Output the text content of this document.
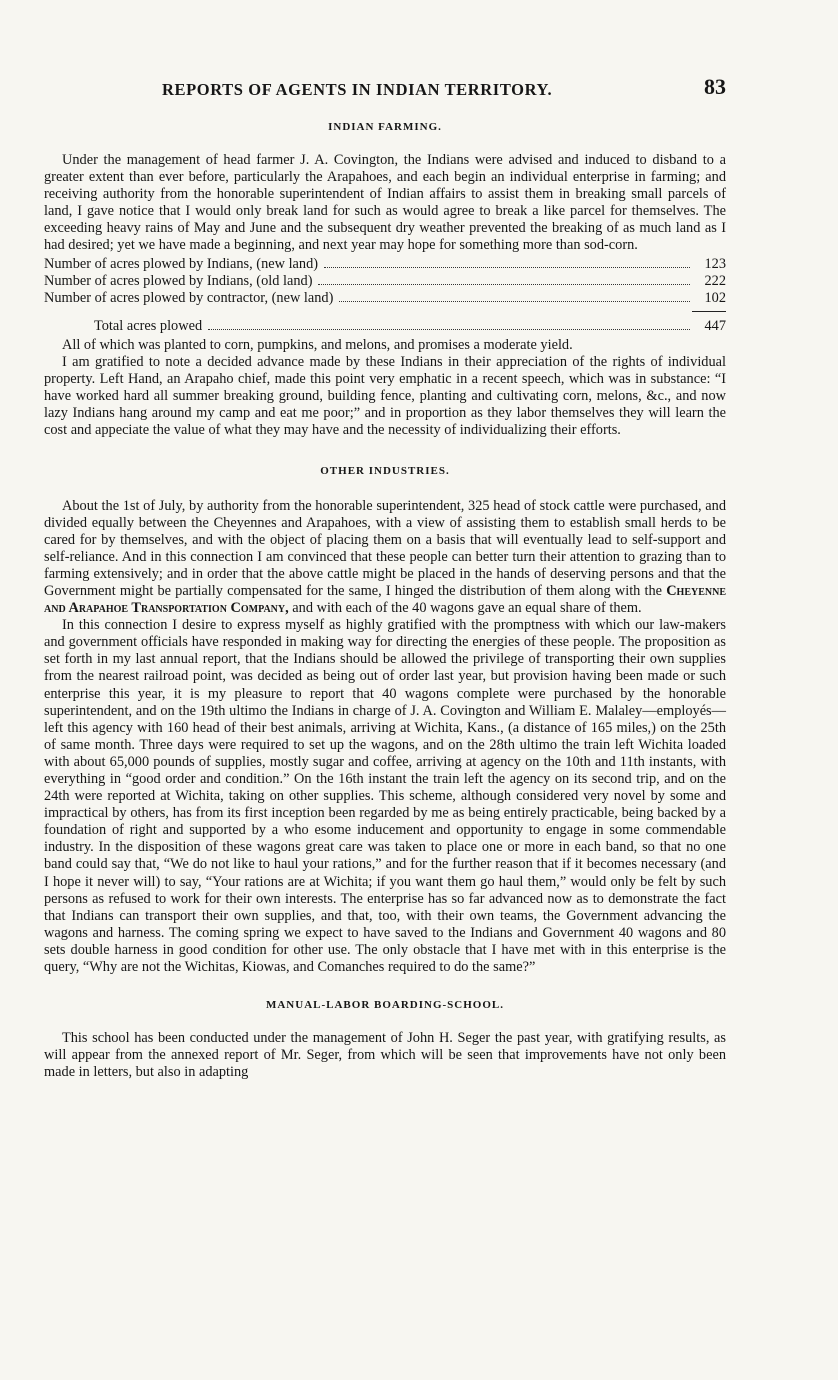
REPORTS OF AGENTS IN INDIAN TERRITORY.	83
INDIAN FARMING.

Under the management of head farmer J. A. Covington, the Indians were advised and induced to disband to a greater extent than ever before, particularly the Arapahoes, and each begin an individual enterprise in farming; and receiving authority from the honorable superintendent of Indian affairs to assist them in breaking small parcels of land, I gave notice that I would only break land for such as would agree to break a like parcel for themselves. The exceeding heavy rains of May and June and the subsequent dry weather prevented the breaking of as much land as I had desired; yet we have made a beginning, and next year may hope for something more than sod-corn.

Number of acres plowed by Indians, (new land)	123
Number of acres plowed by Indians, (old land)	222
Number of acres plowed by contractor, (new land)	102
Total acres plowed	447

All of which was planted to corn, pumpkins, and melons, and promises a moderate yield.

I am gratified to note a decided advance made by these Indians in their appreciation of the rights of individual property. Left Hand, an Arapaho chief, made this point very emphatic in a recent speech, which was in substance: “I have worked hard all summer breaking ground, building fence, planting and cultivating corn, melons, &c., and now lazy Indians hang around my camp and eat me poor;” and in proportion as they labor themselves they will learn the cost and appeciate the value of what they may have and the necessity of individualizing their efforts.

OTHER INDUSTRIES.

About the 1st of July, by authority from the honorable superintendent, 325 head of stock cattle were purchased, and divided equally between the Cheyennes and Arapahoes, with a view of assisting them to establish small herds to be cared for by themselves, and with the object of placing them on a basis that will eventually lead to self-support and self-reliance. And in this connection I am convinced that these people can better turn their attention to grazing than to farming extensively; and in order that the above cattle might be placed in the hands of deserving persons and that the Government might be partially compensated for the same, I hinged the distribution of them along with the Cheyenne and Arapahoe Transportation Company, and with each of the 40 wagons gave an equal share of them.

In this connection I desire to express myself as highly gratified with the promptness with which our law-makers and government officials have responded in making way for directing the energies of these people. The proposition as set forth in my last annual report, that the Indians should be allowed the privilege of transporting their own supplies from the nearest railroad point, was decided as being out of order last year, but provision having been made or such enterprise this year, it is my pleasure to report that 40 wagons complete were purchased by the honorable superintendent, and on the 19th ultimo the Indians in charge of J. A. Covington and William E. Malaley—employés—left this agency with 160 head of their best animals, arriving at Wichita, Kans., (a distance of 165 miles,) on the 25th of same month. Three days were required to set up the wagons, and on the 28th ultimo the train left Wichita loaded with about 65,000 pounds of supplies, mostly sugar and coffee, arriving at agency on the 10th and 11th instants, with everything in “good order and condition.” On the 16th instant the train left the agency on its second trip, and on the 24th were reported at Wichita, taking on other supplies. This scheme, although considered very novel by some and impractical by others, has from its first inception been regarded by me as being entirely practicable, being backed by a foundation of right and supported by a who esome inducement and opportunity to engage in some commendable industry. In the disposition of these wagons great care was taken to place one or more in each band, so that no one band could say that, “We do not like to haul your rations,” and for the further reason that if it becomes necessary (and I hope it never will) to say, “Your rations are at Wichita; if you want them go haul them,” would only be felt by such persons as refused to work for their own interests. The enterprise has so far advanced now as to demonstrate the fact that Indians can transport their own supplies, and that, too, with their own teams, the Government advancing the wagons and harness. The coming spring we expect to have saved to the Indians and Government 40 wagons and 80 sets double harness in good condition for other use. The only obstacle that I have met with in this enterprise is the query, “Why are not the Wichitas, Kiowas, and Comanches required to do the same?”

MANUAL-LABOR BOARDING-SCHOOL.

This school has been conducted under the management of John H. Seger the past year, with gratifying results, as will appear from the annexed report of Mr. Seger, from which will be seen that improvements have not only been made in letters, but also in adapting
